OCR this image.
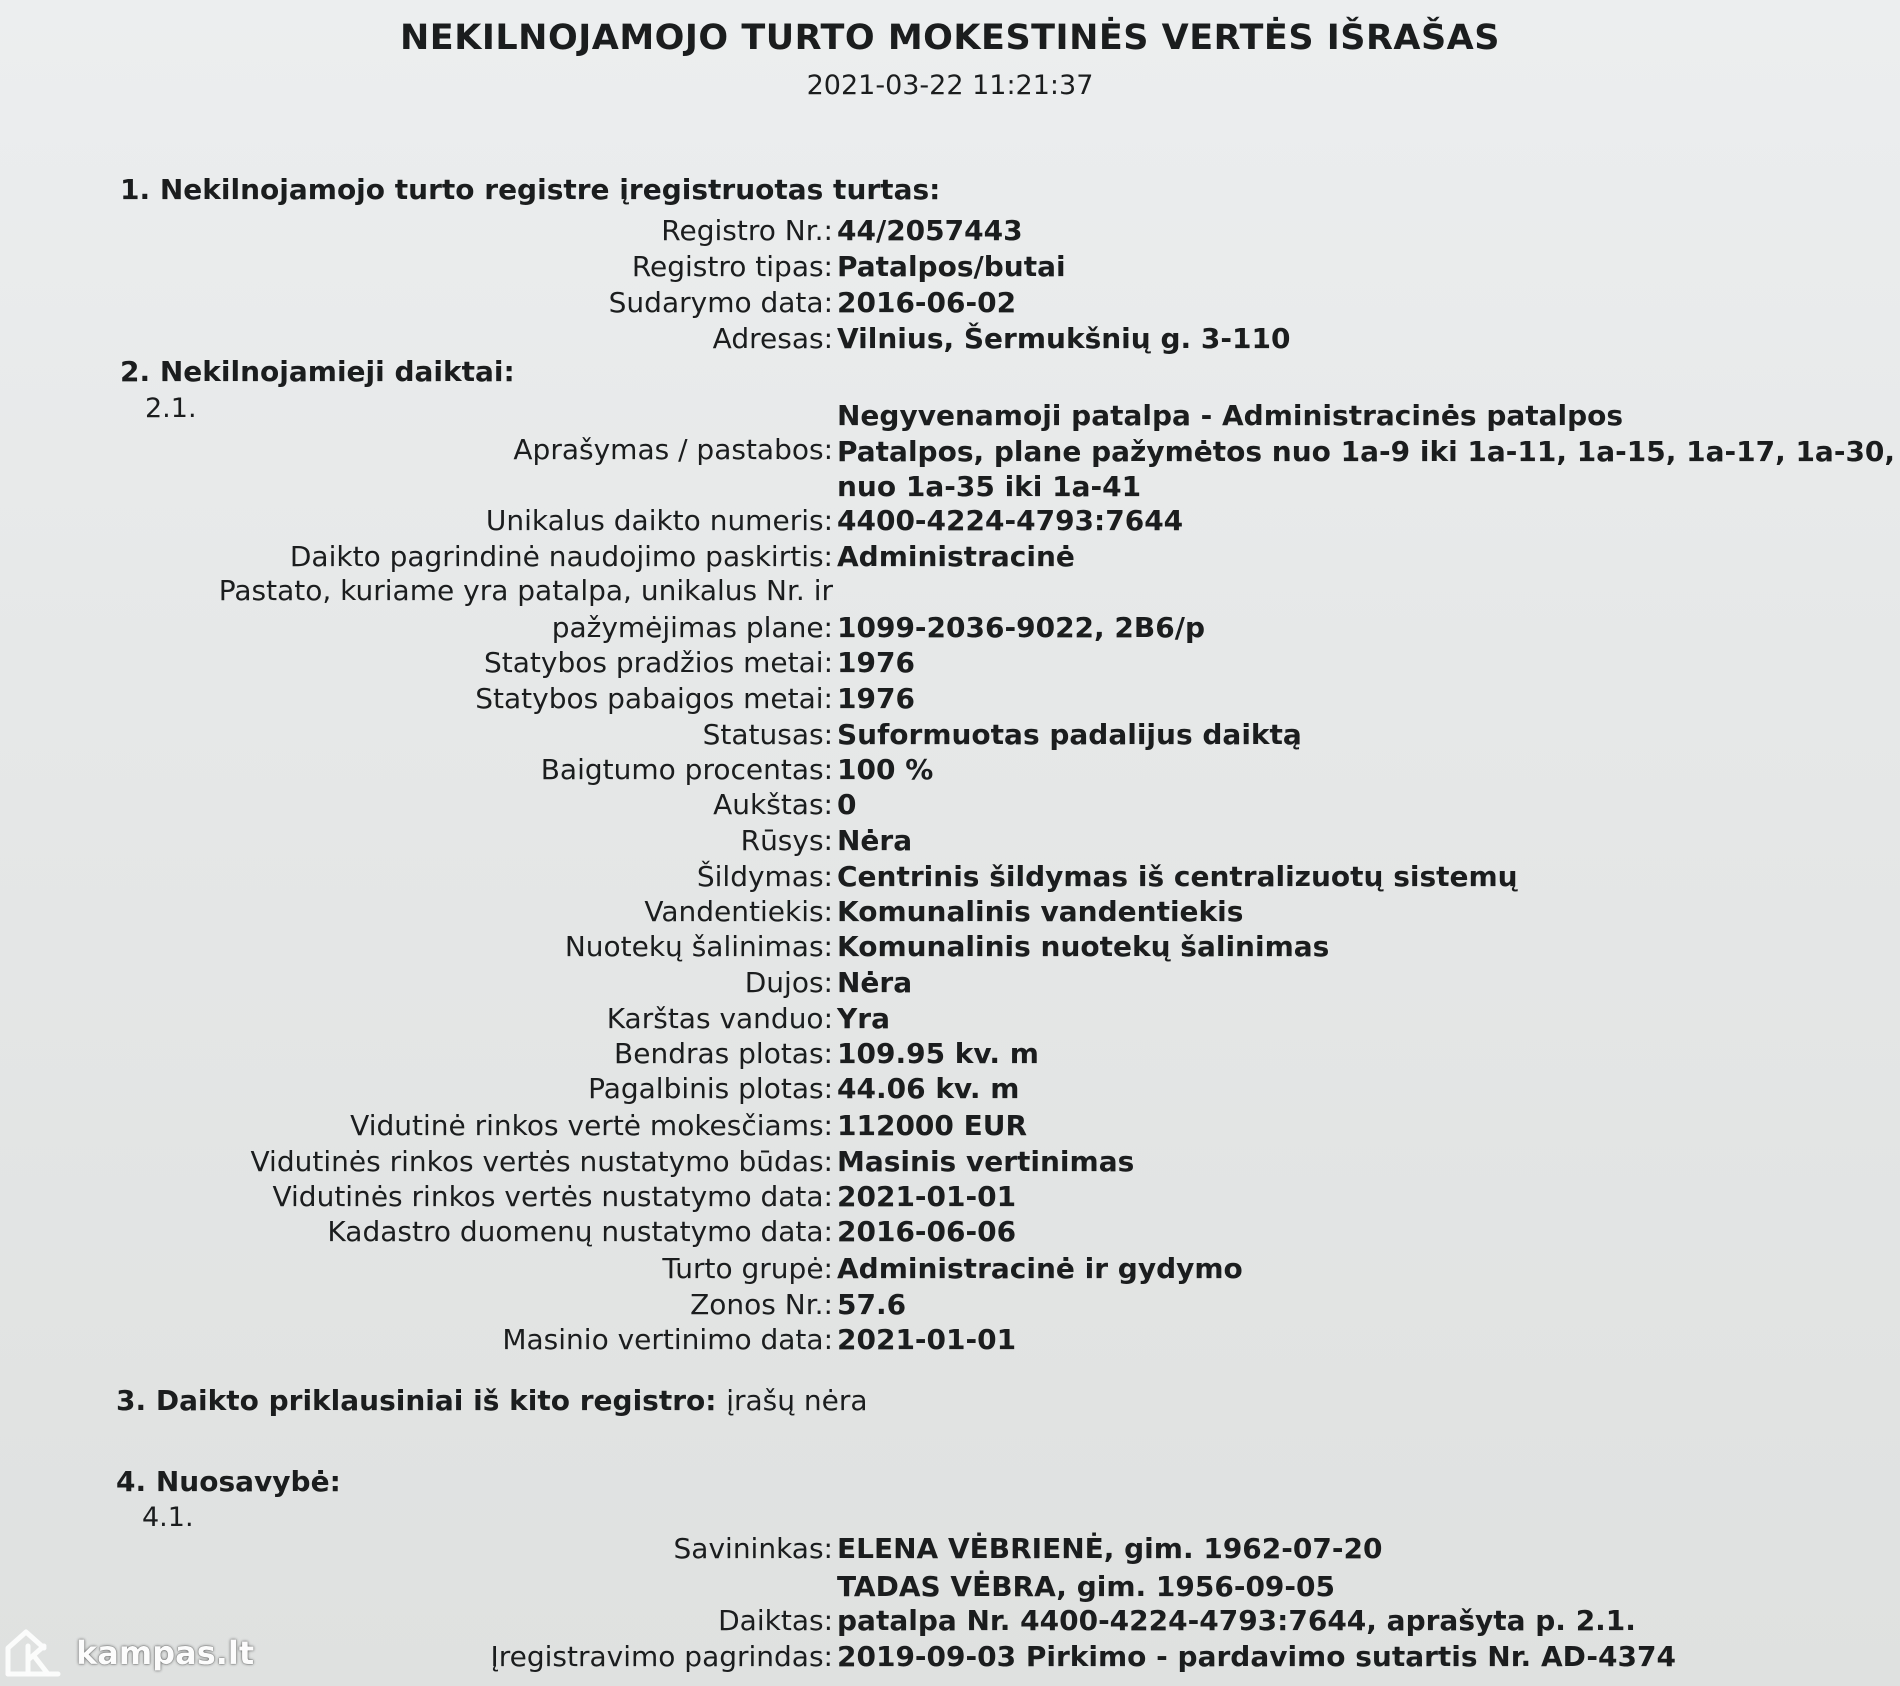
NEKILNOJAMOJO TURTO MOKESTINĖS VERTĖS IŠRAŠAS
2021-03-22 11:21:37
1. Nekilnojamojo turto registre įregistruotas turtas:
Registro Nr.: 44/2057443
Registro tipas: Patalpos/butai
Sudarymo data: 2016-06-02
Adresas: Vilnius, Šermukšnių g. 3-110
2. Nekilnojamieji daiktai:
2.1.	Negyvenamoji patalpa - Administracinės patalpos
Aprašymas / pastabos: Patalpos, plane pažymėtos nuo 1a-9 iki 1a-11, 1a-15, 1a-17, 1a-30,
nuo 1a-35 iki 1a-41
Unikalus daikto numeris: 4400-4224-4793:7644
Daikto pagrindinė naudojimo paskirtis: Administracinė
Pastato, kuriame yra patalpa, unikalus Nr. ir
pažymėjimas plane: 1099-2036-9022, 2B6/p
Statybos pradžios metai: 1976
Statybos pabaigos metai: 1976
Statusas: Suformuotas padalijus daiktą
Baigtumo procentas: 100 %
Aukštas: 0
Rūsys: Nėra
Šildymas: Centrinis šildymas iš centralizuotų sistemų
Vandentiekis: Komunalinis vandentiekis
Nuotekų šalinimas: Komunalinis nuotekų šalinimas
Dujos: Nėra
Karštas vanduo: Yra
Bendras plotas: 109.95 kv. m
Pagalbinis plotas: 44.06 kv. m
Vidutinė rinkos vertė mokesčiams: 112000 EUR
Vidutinės rinkos vertės nustatymo būdas: Masinis vertinimas
Vidutinės rinkos vertės nustatymo data: 2021-01-01
Kadastro duomenų nustatymo data: 2016-06-06
Turto grupė: Administracinė ir gydymo
Zonos Nr.: 57.6
Masinio vertinimo data: 2021-01-01
3. Daikto priklausiniai iš kito registro: įrašų nėra
4. Nuosavybė:
4.1.
Savininkas: ELENA VĖBRIENĖ, gim. 1962-07-20
TADAS VĖBRA, gim. 1956-09-05
Daiktas: patalpa Nr. 4400-4224-4793:7644, aprašyta p. 2.1.
Įregistravimo pagrindas: 2019-09-03 Pirkimo - pardavimo sutartis Nr. AD-4374
kampas.lt
